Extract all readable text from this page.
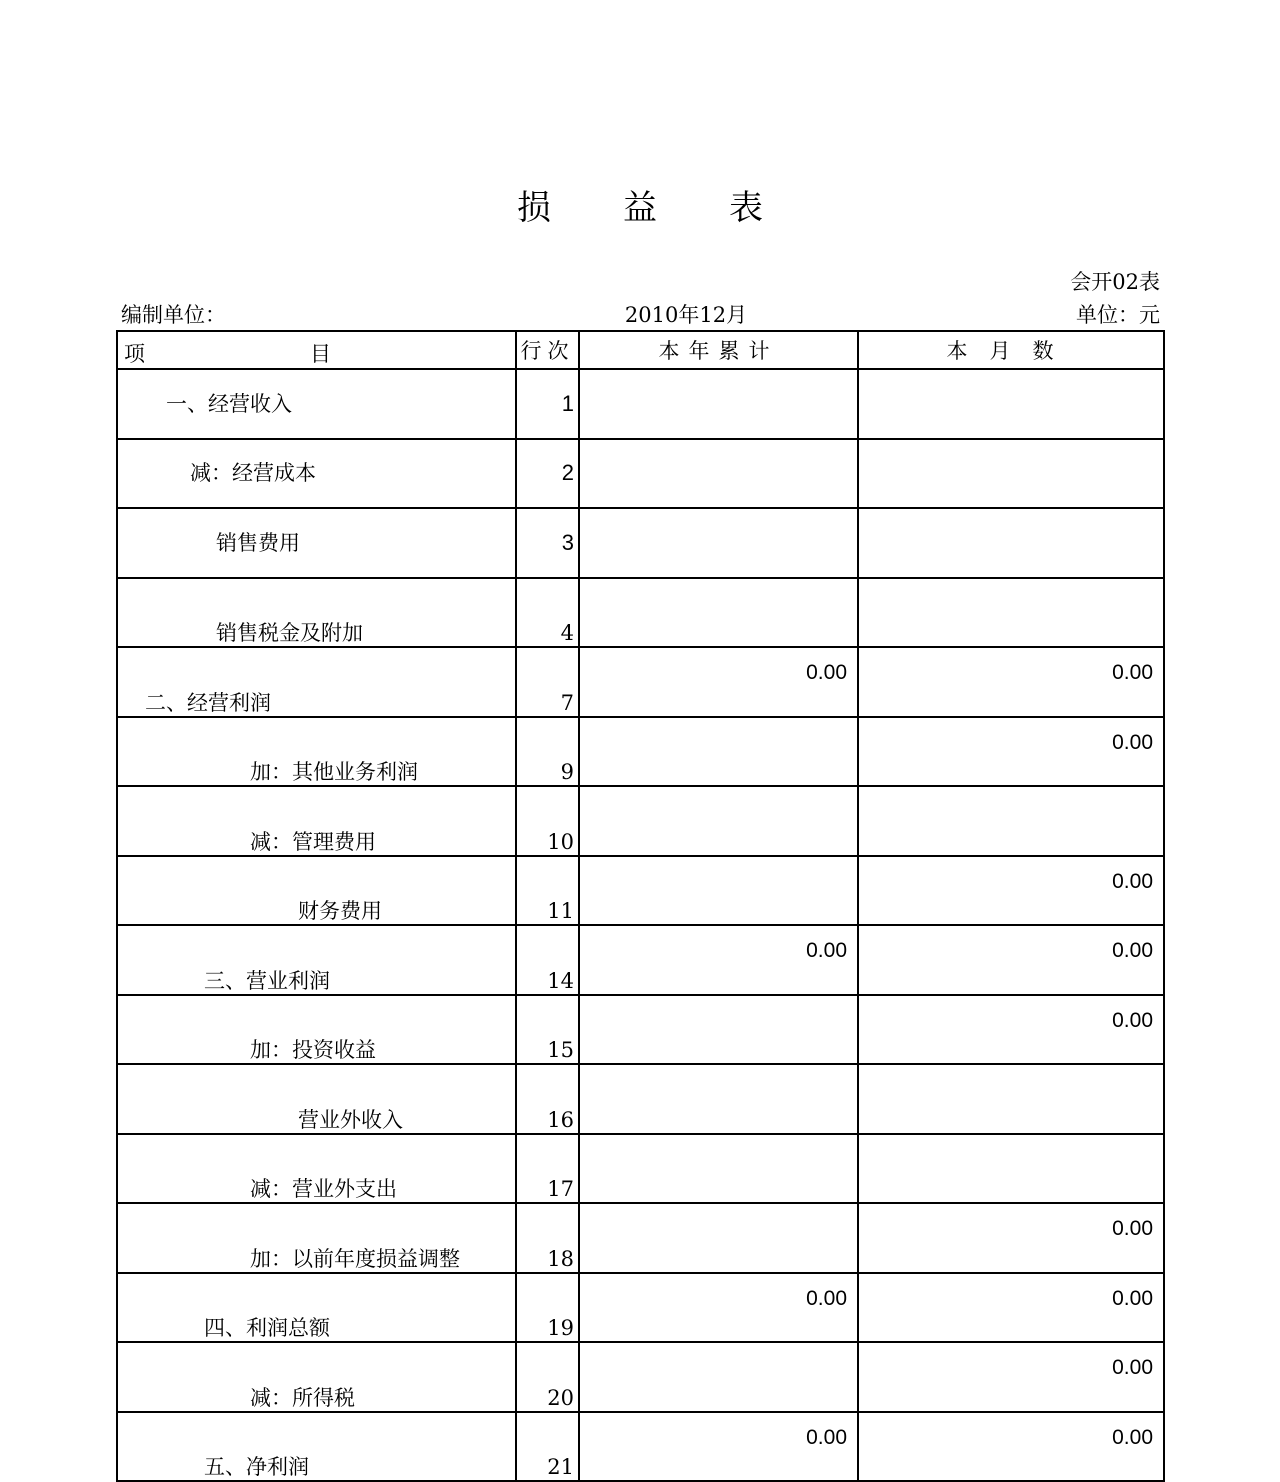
损 益 表
会开02表
编制单位：	2010年12月	单位：元
项 目	行次	本年累计	本月数
一、经营收入	1		
减：经营成本	2		
销售费用	3		
销售税金及附加	4		
二、经营利润	7	0.00	0.00
加：其他业务利润	9		0.00
减：管理费用	10		
财务费用	11		0.00
三、营业利润	14	0.00	0.00
加：投资收益	15		0.00
营业外收入	16		
减：营业外支出	17		
加：以前年度损益调整	18		0.00
四、利润总额	19	0.00	0.00
减：所得税	20		0.00
五、净利润	21	0.00	0.00
